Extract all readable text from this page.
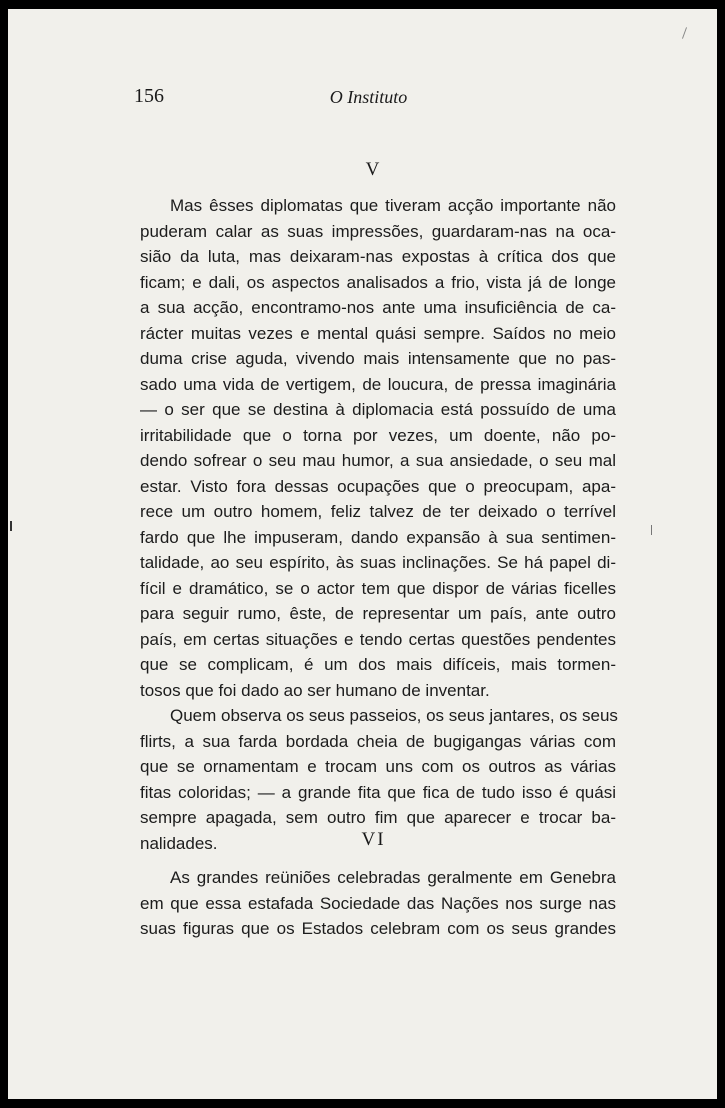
156	O Instituto
V
Mas êsses diplomatas que tiveram acção importante não
puderam calar as suas impressões, guardaram-nas na oca-
sião da luta, mas deixaram-nas expostas à crítica dos que
ficam; e dali, os aspectos analisados a frio, vista já de longe
a sua acção, encontramo-nos ante uma insuficiência de ca-
rácter muitas vezes e mental quási sempre. Saídos no meio
duma crise aguda, vivendo mais intensamente que no pas-
sado uma vida de vertigem, de loucura, de pressa imaginária
— o ser que se destina à diplomacia está possuído de uma
irritabilidade que o torna por vezes, um doente, não po-
dendo sofrear o seu mau humor, a sua ansiedade, o seu mal
estar. Visto fora dessas ocupações que o preocupam, apa-
rece um outro homem, feliz talvez de ter deixado o terrível
fardo que lhe impuseram, dando expansão à sua sentimen-
talidade, ao seu espírito, às suas inclinações. Se há papel di-
fícil e dramático, se o actor tem que dispor de várias ficelles
para seguir rumo, êste, de representar um país, ante outro
país, em certas situações e tendo certas questões pendentes
que se complicam, é um dos mais difíceis, mais tormen-
tosos que foi dado ao ser humano de inventar.
Quem observa os seus passeios, os seus jantares, os seus
flirts, a sua farda bordada cheia de bugigangas várias com
que se ornamentam e trocam uns com os outros as várias
fitas coloridas; — a grande fita que fica de tudo isso é quási
sempre apagada, sem outro fim que aparecer e trocar ba-
nalidades.	VI
As grandes reüniões celebradas geralmente em Genebra
em que essa estafada Sociedade das Nações nos surge nas
suas figuras que os Estados celebram com os seus grandes
